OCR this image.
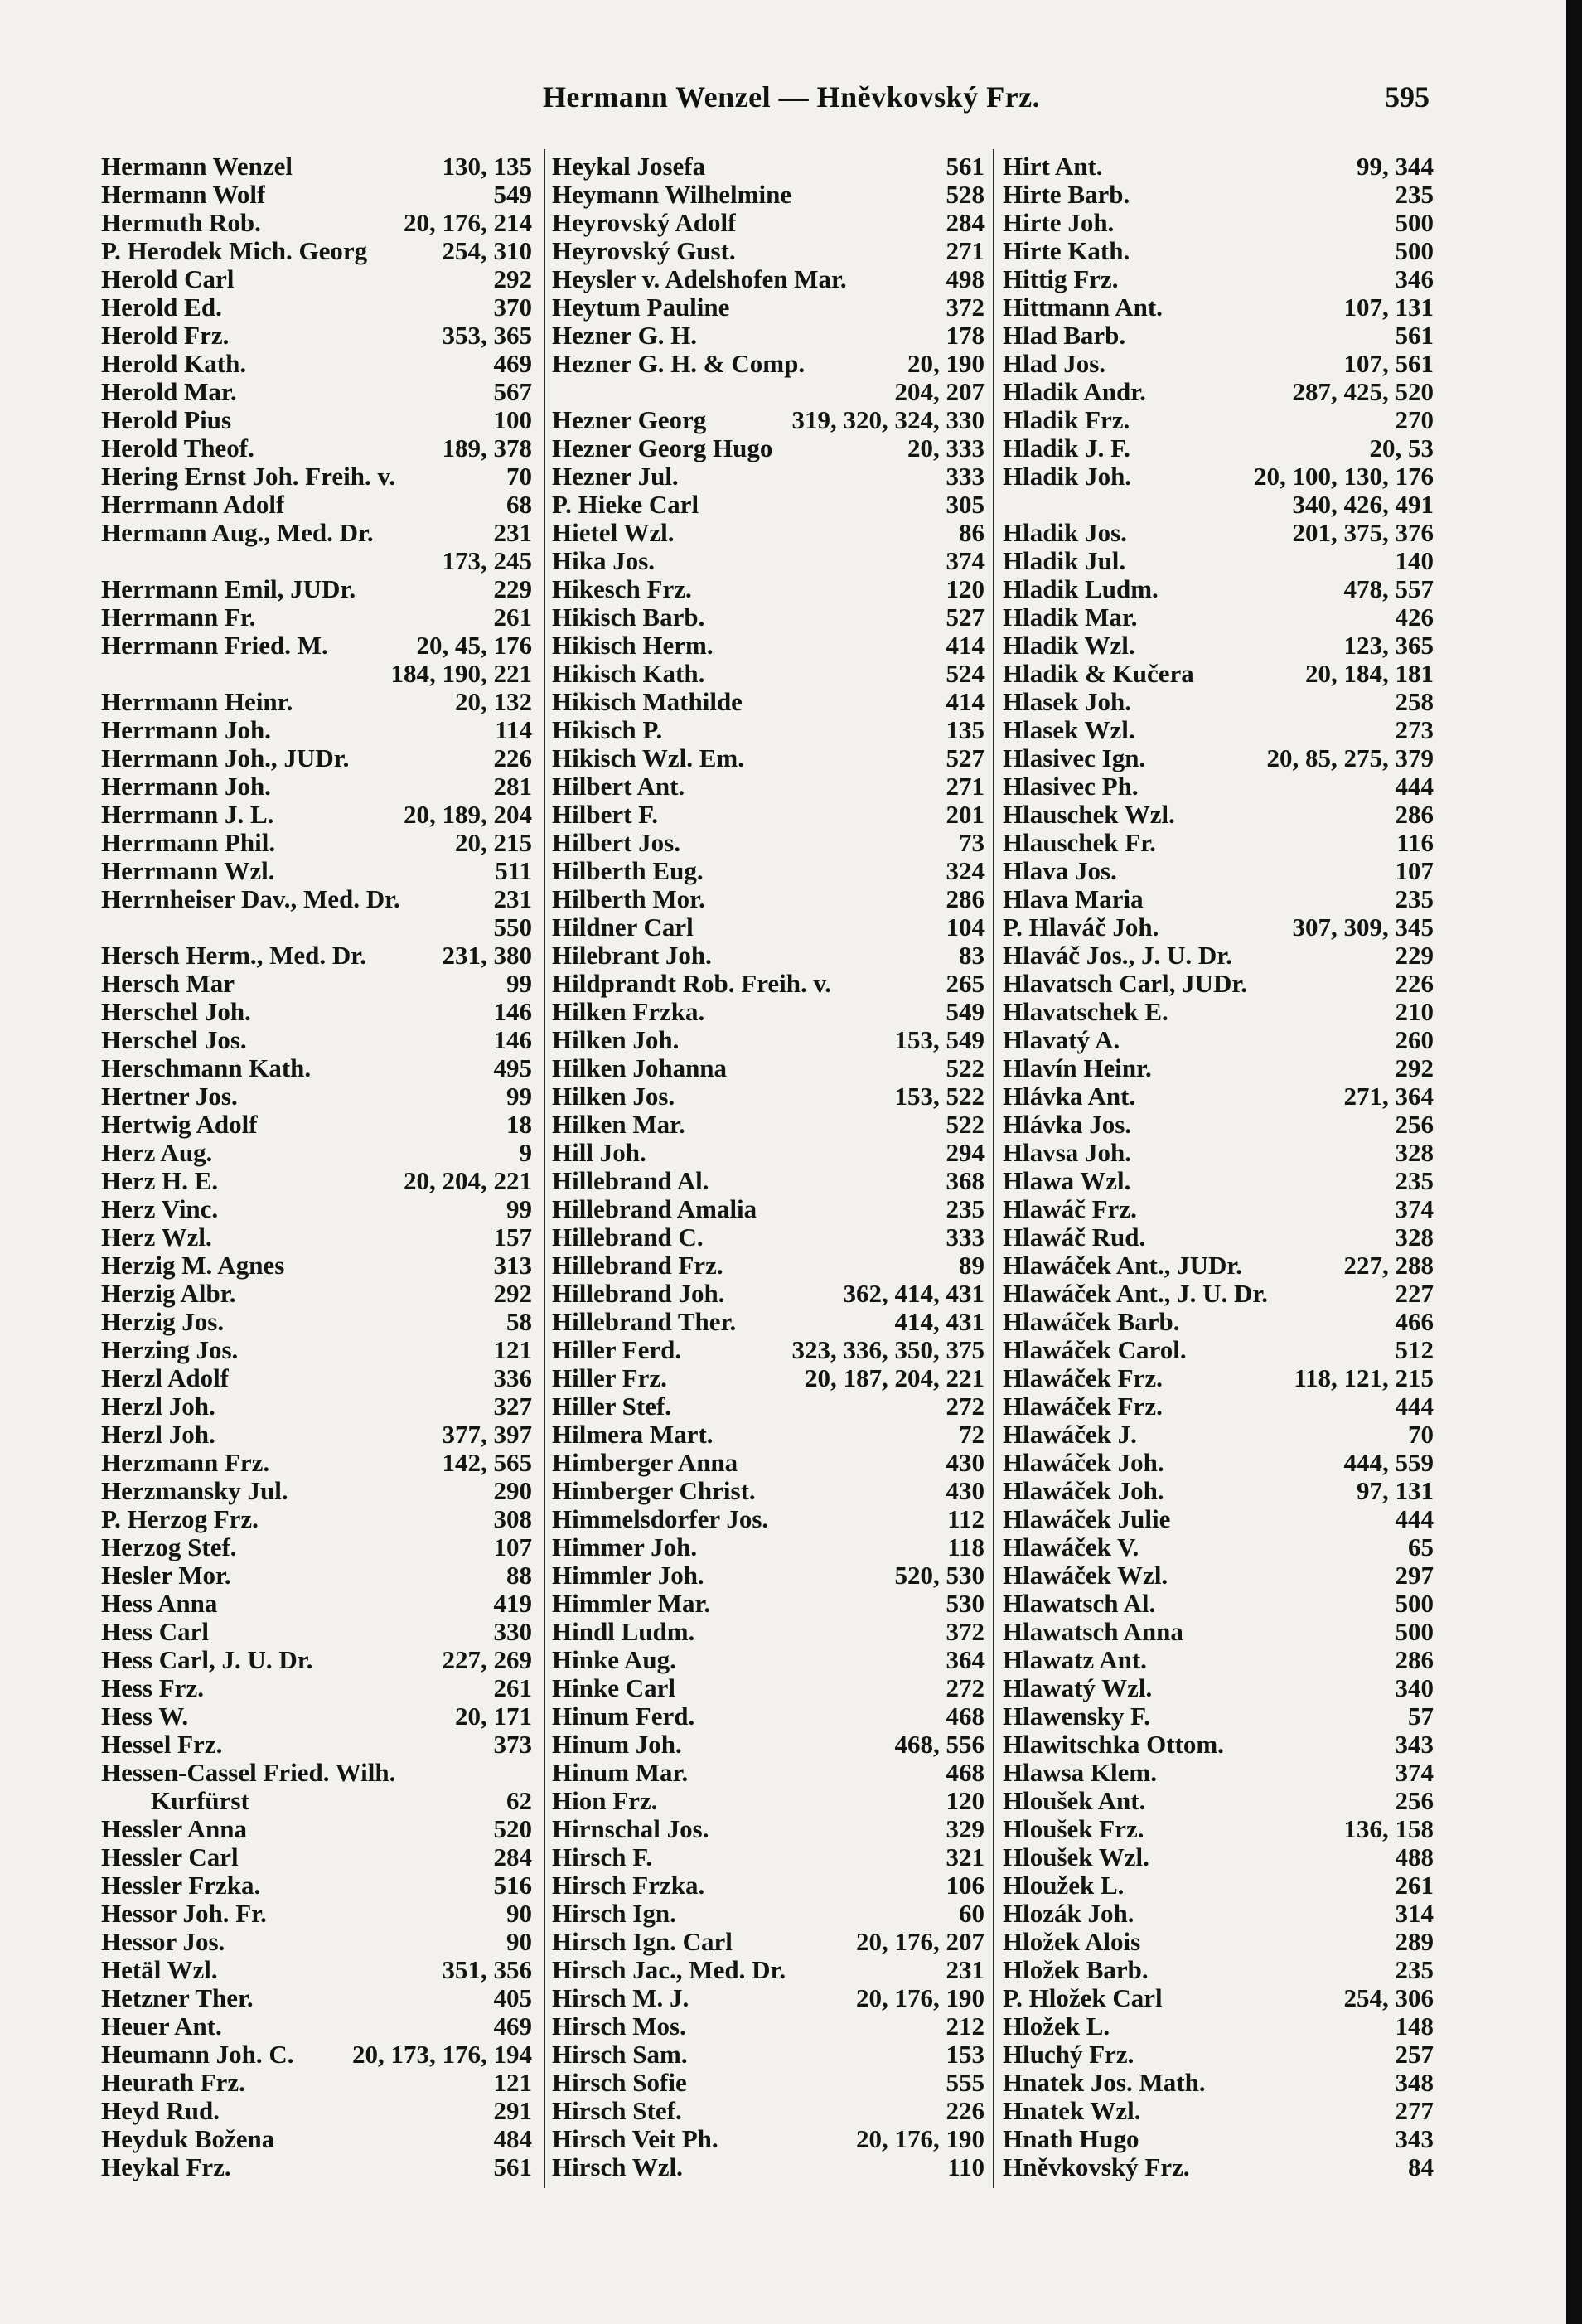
Hermann Wenzel — Hněvkovský Frz.	595
Hermann Wenzel	130, 135
Hermann Wolf	549
Hermuth Rob.	20, 176, 214
P. Herodek Mich. Georg	254, 310
Herold Carl	292
Herold Ed.	370
Herold Frz.	353, 365
Herold Kath.	469
Herold Mar.	567
Herold Pius	100
Herold Theof.	189, 378
Hering Ernst Joh. Freih. v.	70
Herrmann Adolf	68
Hermann Aug., Med. Dr.	231
173, 245
Herrmann Emil, JUDr.	229
Herrmann Fr.	261
Herrmann Fried. M.	20, 45, 176
184, 190, 221
Herrmann Heinr.	20, 132
Herrmann Joh.	114
Herrmann Joh., JUDr.	226
Herrmann Joh.	281
Herrmann J. L.	20, 189, 204
Herrmann Phil.	20, 215
Herrmann Wzl.	511
Herrnheiser Dav., Med. Dr.	231
550
Hersch Herm., Med. Dr.	231, 380
Hersch Mar	99
Herschel Joh.	146
Herschel Jos.	146
Herschmann Kath.	495
Hertner Jos.	99
Hertwig Adolf	18
Herz Aug.	9
Herz H. E.	20, 204, 221
Herz Vinc.	99
Herz Wzl.	157
Herzig M. Agnes	313
Herzig Albr.	292
Herzig Jos.	58
Herzing Jos.	121
Herzl Adolf	336
Herzl Joh.	327
Herzl Joh.	377, 397
Herzmann Frz.	142, 565
Herzmansky Jul.	290
P. Herzog Frz.	308
Herzog Stef.	107
Hesler Mor.	88
Hess Anna	419
Hess Carl	330
Hess Carl, J. U. Dr.	227, 269
Hess Frz.	261
Hess W.	20, 171
Hessel Frz.	373
Hessen-Cassel Fried. Wilh.
Kurfürst	62
Hessler Anna	520
Hessler Carl	284
Hessler Frzka.	516
Hessor Joh. Fr.	90
Hessor Jos.	90
Hetäl Wzl.	351, 356
Hetzner Ther.	405
Heuer Ant.	469
Heumann Joh. C. 20, 173, 176, 194
Heurath Frz.	121
Heyd Rud.	291
Heyduk Božena	484
Heykal Frz.	561
Heykal Josefa	561
Heymann Wilhelmine	528
Heyrovský Adolf	284
Heyrovský Gust.	271
Heysler v. Adelshofen Mar.	498
Heytum Pauline	372
Hezner G. H.	178
Hezner G. H. & Comp.	20, 190
204, 207
Hezner Georg	319, 320, 324, 330
Hezner Georg Hugo	20, 333
Hezner Jul.	333
P. Hieke Carl	305
Hietel Wzl.	86
Hika Jos.	374
Hikesch Frz.	120
Hikisch Barb.	527
Hikisch Herm.	414
Hikisch Kath.	524
Hikisch Mathilde	414
Hikisch P.	135
Hikisch Wzl. Em.	527
Hilbert Ant.	271
Hilbert F.	201
Hilbert Jos.	73
Hilberth Eug.	324
Hilberth Mor.	286
Hildner Carl	104
Hilebrant Joh.	83
Hildprandt Rob. Freih. v.	265
Hilken Frzka.	549
Hilken Joh.	153, 549
Hilken Johanna	522
Hilken Jos.	153, 522
Hilken Mar.	522
Hill Joh.	294
Hillebrand Al.	368
Hillebrand Amalia	235
Hillebrand C.	333
Hillebrand Frz.	89
Hillebrand Joh.	362, 414, 431
Hillebrand Ther.	414, 431
Hiller Ferd.	323, 336, 350, 375
Hiller Frz.	20, 187, 204, 221
Hiller Stef.	272
Hilmera Mart.	72
Himberger Anna	430
Himberger Christ.	430
Himmelsdorfer Jos.	112
Himmer Joh.	118
Himmler Joh.	520, 530
Himmler Mar.	530
Hindl Ludm.	372
Hinke Aug.	364
Hinke Carl	272
Hinum Ferd.	468
Hinum Joh.	468, 556
Hinum Mar.	468
Hion Frz.	120
Hirnschal Jos.	329
Hirsch F.	321
Hirsch Frzka.	106
Hirsch Ign.	60
Hirsch Ign. Carl	20, 176, 207
Hirsch Jac., Med. Dr.	231
Hirsch M. J.	20, 176, 190
Hirsch Mos.	212
Hirsch Sam.	153
Hirsch Sofie	555
Hirsch Stef.	226
Hirsch Veit Ph.	20, 176, 190
Hirsch Wzl.	110
Hirt Ant.	99, 344
Hirte Barb.	235
Hirte Joh.	500
Hirte Kath.	500
Hittig Frz.	346
Hittmann Ant.	107, 131
Hlad Barb.	561
Hlad Jos.	107, 561
Hladik Andr.	287, 425, 520
Hladik Frz.	270
Hladik J. F.	20, 53
Hladik Joh.	20, 100, 130, 176
340, 426, 491
Hladik Jos.	201, 375, 376
Hladik Jul.	140
Hladik Ludm.	478, 557
Hladik Mar.	426
Hladik Wzl.	123, 365
Hladik & Kučera	20, 184, 181
Hlasek Joh.	258
Hlasek Wzl.	273
Hlasivec Ign.	20, 85, 275, 379
Hlasivec Ph.	444
Hlauschek Wzl.	286
Hlauschek Fr.	116
Hlava Jos.	107
Hlava Maria	235
P. Hlaváč Joh.	307, 309, 345
Hlaváč Jos., J. U. Dr.	229
Hlavatsch Carl, JUDr.	226
Hlavatschek E.	210
Hlavatý A.	260
Hlavín Heinr.	292
Hlávka Ant.	271, 364
Hlávka Jos.	256
Hlavsa Joh.	328
Hlawa Wzl.	235
Hlawáč Frz.	374
Hlawáč Rud.	328
Hlawáček Ant., JUDr.	227, 288
Hlawáček Ant., J. U. Dr.	227
Hlawáček Barb.	466
Hlawáček Carol.	512
Hlawáček Frz.	118, 121, 215
Hlawáček Frz.	444
Hlawáček J.	70
Hlawáček Joh.	444, 559
Hlawáček Joh.	97, 131
Hlawáček Julie	444
Hlawáček V.	65
Hlawáček Wzl.	297
Hlawatsch Al.	500
Hlawatsch Anna	500
Hlawatz Ant.	286
Hlawatý Wzl.	340
Hlawensky F.	57
Hlawitschka Ottom.	343
Hlawsa Klem.	374
Hloušek Ant.	256
Hloušek Frz.	136, 158
Hloušek Wzl.	488
Hloužek L.	261
Hlozák Joh.	314
Hložek Alois	289
Hložek Barb.	235
P. Hložek Carl	254, 306
Hložek L.	148
Hluchý Frz.	257
Hnatek Jos. Math.	348
Hnatek Wzl.	277
Hnath Hugo	343
Hněvkovský Frz.	84
